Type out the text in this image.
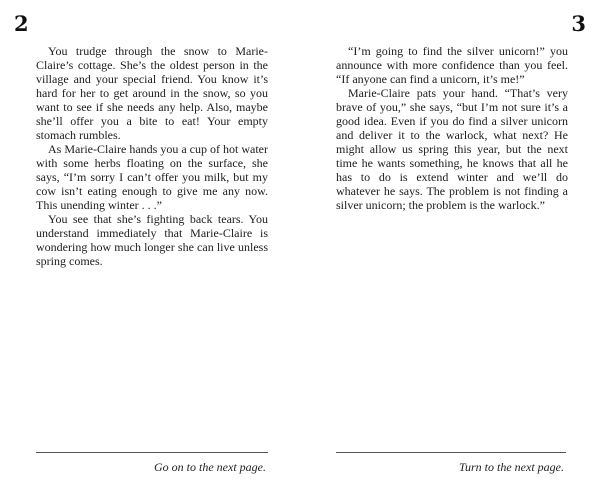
2

You trudge through the snow to Marie-Claire’s cottage. She’s the oldest person in the village and your special friend. You know it’s hard for her to get around in the snow, so you want to see if she needs any help. Also, maybe she’ll offer you a bite to eat! Your empty stomach rumbles.

As Marie-Claire hands you a cup of hot water with some herbs floating on the surface, she says, “I’m sorry I can’t offer you milk, but my cow isn’t eating enough to give me any now. This unending winter . . .”

You see that she’s fighting back tears. You understand immediately that Marie-Claire is wondering how much longer she can live unless spring comes.

Go on to the next page.
3

“I’m going to find the silver unicorn!” you announce with more confidence than you feel. “If anyone can find a unicorn, it’s me!”

Marie-Claire pats your hand. “That’s very brave of you,” she says, “but I’m not sure it’s a good idea. Even if you do find a silver unicorn and deliver it to the warlock, what next? He might allow us spring this year, but the next time he wants something, he knows that all he has to do is extend winter and we’ll do whatever he says. The problem is not finding a silver unicorn; the problem is the warlock.”

Turn to the next page.
